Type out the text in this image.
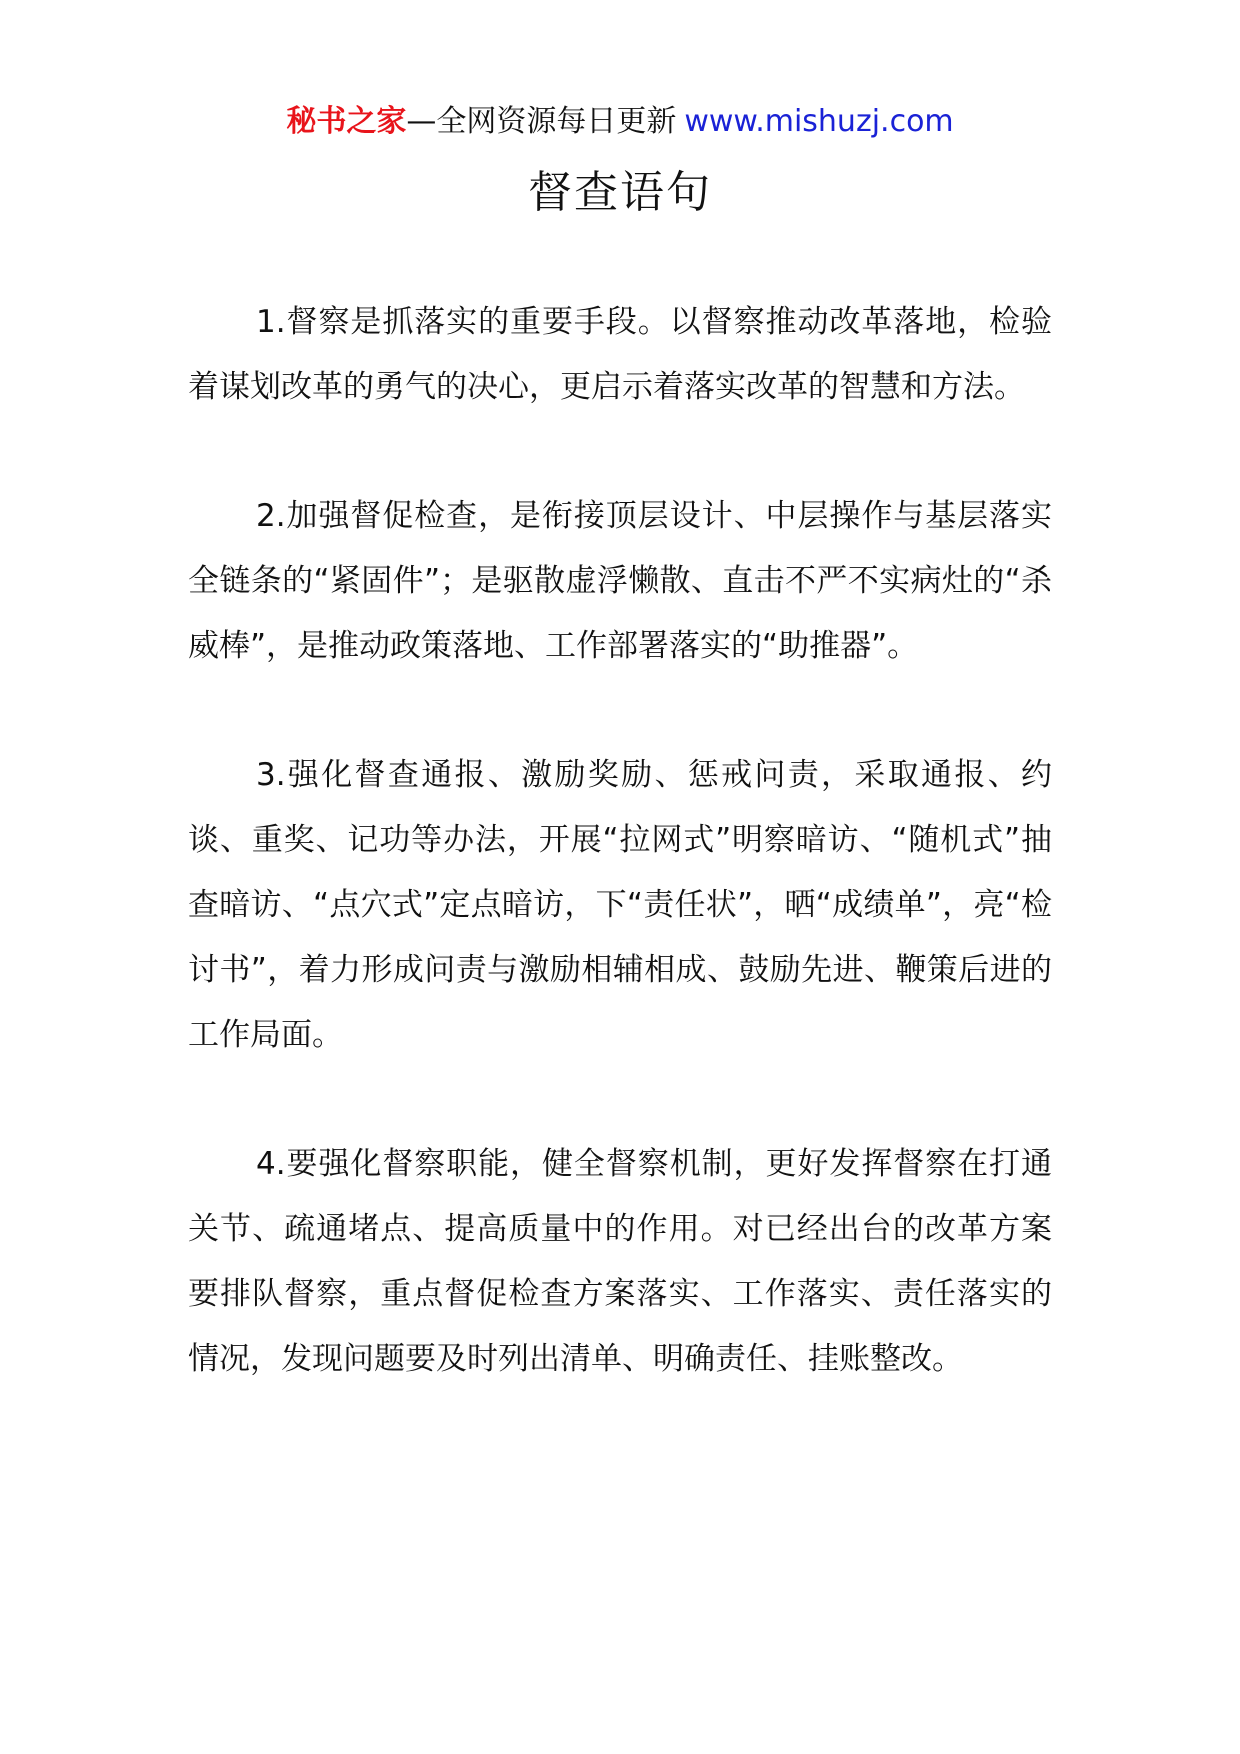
秘书之家—全网资源每日更新 www.mishuzj.com
督查语句

1.督察是抓落实的重要手段。以督察推动改革落地，检验着谋划改革的勇气的决心，更启示着落实改革的智慧和方法。

2.加强督促检查，是衔接顶层设计、中层操作与基层落实全链条的“紧固件”；是驱散虚浮懒散、直击不严不实病灶的“杀威棒”，是推动政策落地、工作部署落实的“助推器”。

3.强化督查通报、激励奖励、惩戒问责，采取通报、约谈、重奖、记功等办法，开展“拉网式”明察暗访、“随机式”抽查暗访、“点穴式”定点暗访，下“责任状”，晒“成绩单”，亮“检讨书”，着力形成问责与激励相辅相成、鼓励先进、鞭策后进的工作局面。

4.要强化督察职能，健全督察机制，更好发挥督察在打通关节、疏通堵点、提高质量中的作用。对已经出台的改革方案要排队督察，重点督促检查方案落实、工作落实、责任落实的情况，发现问题要及时列出清单、明确责任、挂账整改。
